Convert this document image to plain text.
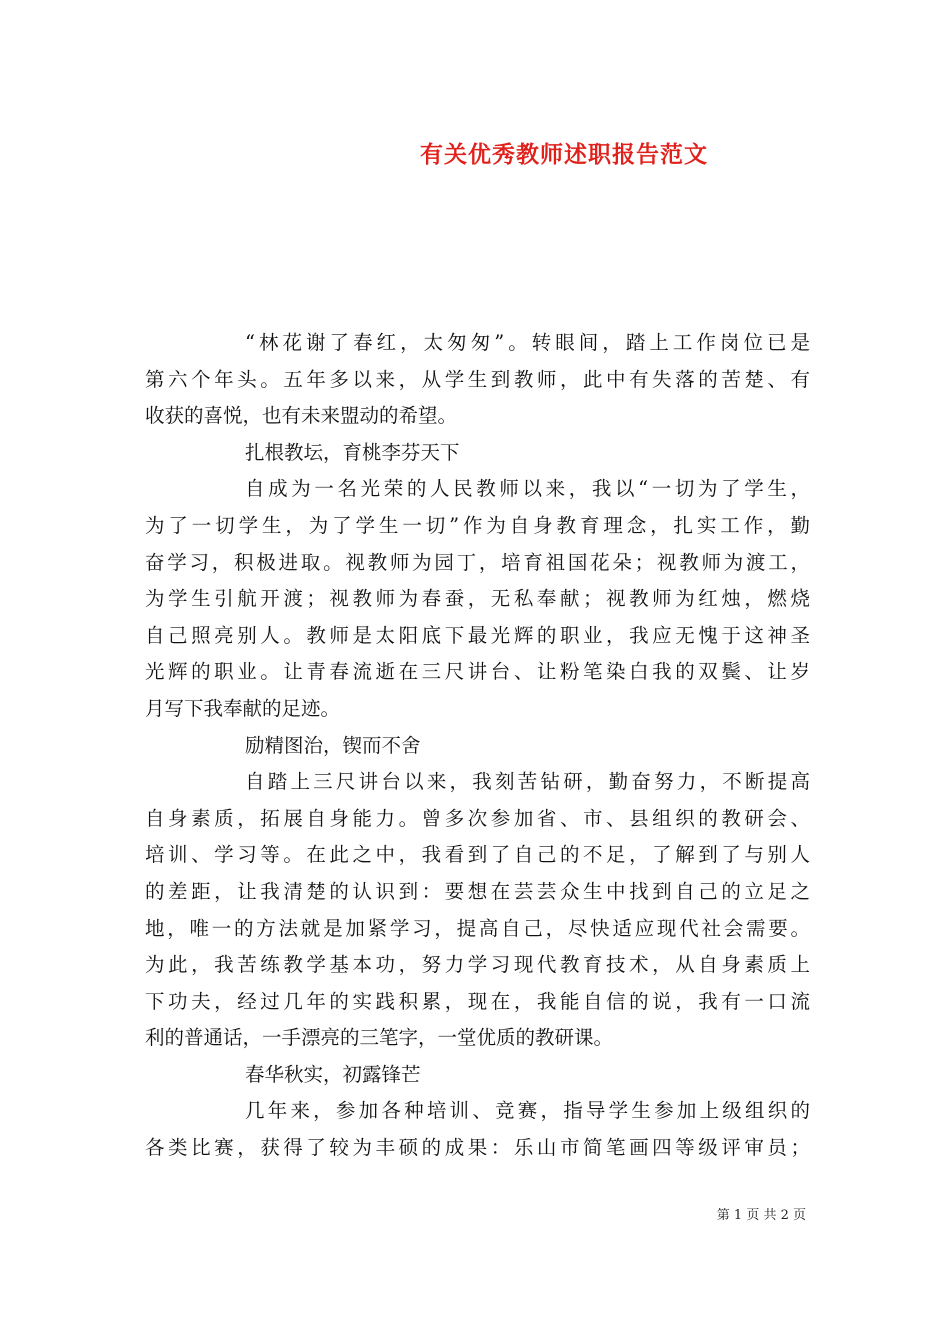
有关优秀教师述职报告范文
“林花谢了春红，太匆匆”。转眼间，踏上工作岗位已是
第六个年头。五年多以来，从学生到教师，此中有失落的苦楚、有
收获的喜悦，也有未来盟动的希望。
扎根教坛，育桃李芬天下
自成为一名光荣的人民教师以来，我以“一切为了学生，
为了一切学生，为了学生一切”作为自身教育理念，扎实工作，勤
奋学习，积极进取。视教师为园丁，培育祖国花朵；视教师为渡工，
为学生引航开渡；视教师为春蚕，无私奉献；视教师为红烛，燃烧
自己照亮别人。教师是太阳底下最光辉的职业，我应无愧于这神圣
光辉的职业。让青春流逝在三尺讲台、让粉笔染白我的双鬓、让岁
月写下我奉献的足迹。
励精图治，锲而不舍
自踏上三尺讲台以来，我刻苦钻研，勤奋努力，不断提高
自身素质，拓展自身能力。曾多次参加省、市、县组织的教研会、
培训、学习等。在此之中，我看到了自己的不足，了解到了与别人
的差距，让我清楚的认识到：要想在芸芸众生中找到自己的立足之
地，唯一的方法就是加紧学习，提高自己，尽快适应现代社会需要。
为此，我苦练教学基本功，努力学习现代教育技术，从自身素质上
下功夫，经过几年的实践积累，现在，我能自信的说，我有一口流
利的普通话，一手漂亮的三笔字，一堂优质的教研课。
春华秋实，初露锋芒
几年来，参加各种培训、竞赛，指导学生参加上级组织的
各类比赛，获得了较为丰硕的成果：乐山市简笔画四等级评审员；
第 1 页 共 2 页
